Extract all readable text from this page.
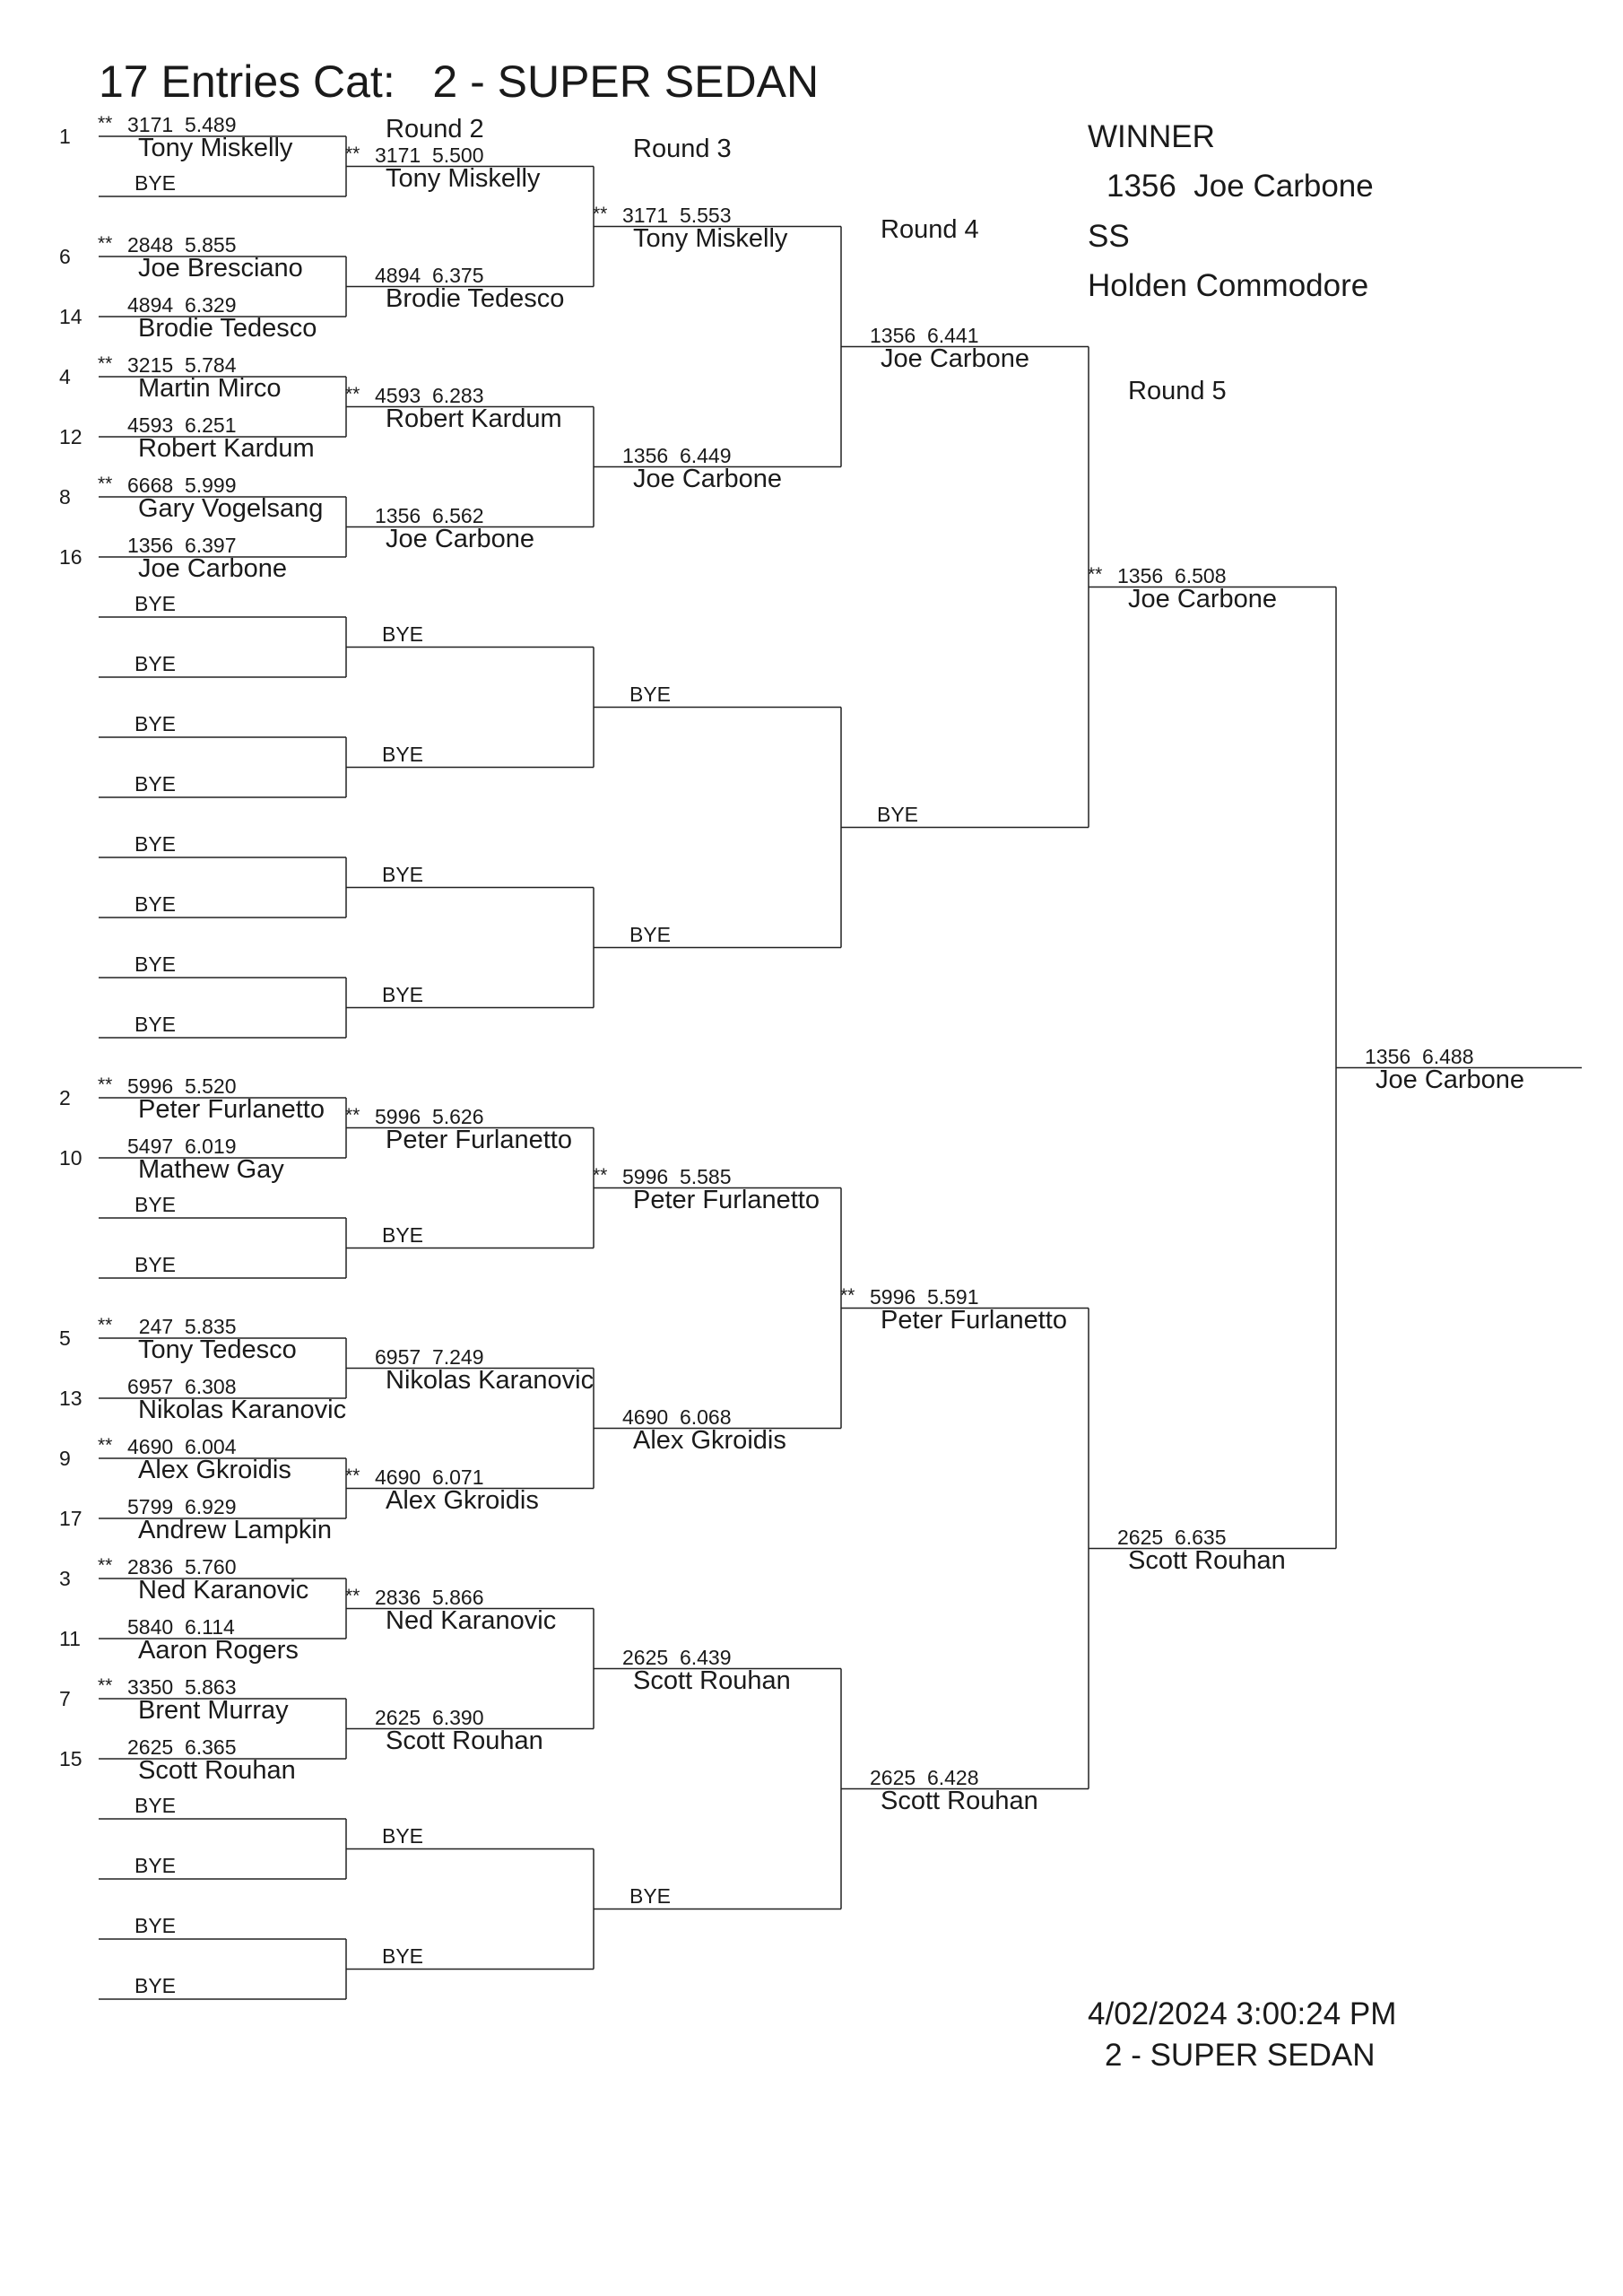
17 Entries Cat:   2 - SUPER SEDAN
Round 2
Round 3
Round 4
Round 5
WINNER
1356  Joe Carbone
SS
Holden Commodore
4/02/2024 3:00:24 PM
2 - SUPER SEDAN
1
** 3171  5.489
Tony Miskelly
BYE
6
** 2848  5.855
Joe Bresciano
14 4894  6.329
Brodie Tedesco
4
** 3215  5.784
Martin Mirco
12 4593  6.251
Robert Kardum
8
** 6668  5.999
Gary Vogelsang
16 1356  6.397
Joe Carbone
BYE
BYE
BYE
BYE
BYE
BYE
BYE
BYE
2
** 5996  5.520
Peter Furlanetto
10 5497  6.019
Mathew Gay
BYE
BYE
5
** 247  5.835
Tony Tedesco
13 6957  6.308
Nikolas Karanovic
9
** 4690  6.004
Alex Gkroidis
17 5799  6.929
Andrew Lampkin
3
** 2836  5.760
Ned Karanovic
11 5840  6.114
Aaron Rogers
7
** 3350  5.863
Brent Murray
15 2625  6.365
Scott Rouhan
BYE
BYE
BYE
BYE
** 3171  5.500
Tony Miskelly
4894  6.375
Brodie Tedesco
** 4593  6.283
Robert Kardum
1356  6.562
Joe Carbone
BYE
BYE
BYE
BYE
** 5996  5.626
Peter Furlanetto
BYE
6957  7.249
Nikolas Karanovic
** 4690  6.071
Alex Gkroidis
** 2836  5.866
Ned Karanovic
2625  6.390
Scott Rouhan
BYE
BYE
** 3171  5.553
Tony Miskelly
1356  6.449
Joe Carbone
BYE
BYE
** 5996  5.585
Peter Furlanetto
4690  6.068
Alex Gkroidis
2625  6.439
Scott Rouhan
BYE
1356  6.441
Joe Carbone
BYE
** 5996  5.591
Peter Furlanetto
2625  6.428
Scott Rouhan
** 1356  6.508
Joe Carbone
2625  6.635
Scott Rouhan
1356  6.488
Joe Carbone
